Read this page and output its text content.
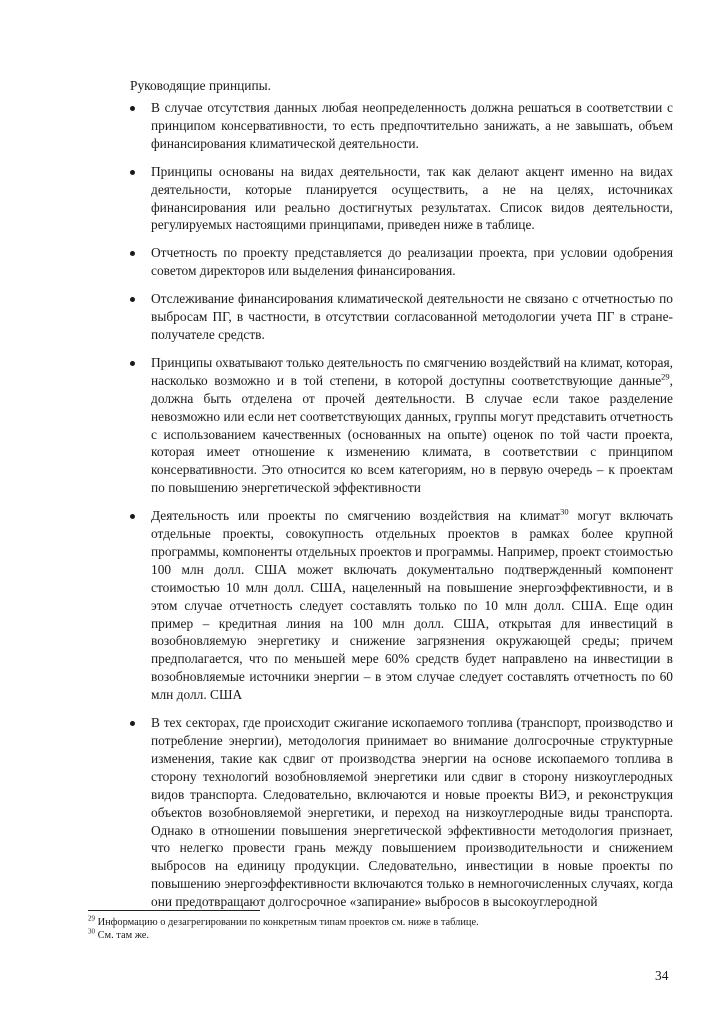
Руководящие принципы.

В случае отсутствия данных любая неопределенность должна решаться в соответствии с принципом консервативности, то есть предпочтительно занижать, а не завышать, объем финансирования климатической деятельности.

Принципы основаны на видах деятельности, так как делают акцент именно на видах деятельности, которые планируется осуществить, а не на целях, источниках финансирования или реально достигнутых результатах. Список видов деятельности, регулируемых настоящими принципами, приведен ниже в таблице.

Отчетность по проекту представляется до реализации проекта, при условии одобрения советом директоров или выделения финансирования.

Отслеживание финансирования климатической деятельности не связано с отчетностью по выбросам ПГ, в частности, в отсутствии согласованной методологии учета ПГ в стране-получателе средств.

Принципы охватывают только деятельность по смягчению воздействий на климат, которая, насколько возможно и в той степени, в которой доступны соответствующие данные$^{29}$, должна быть отделена от прочей деятельности. В случае если такое разделение невозможно или если нет соответствующих данных, группы могут представить отчетность с использованием качественных (основанных на опыте) оценок по той части проекта, которая имеет отношение к изменению климата, в соответствии с принципом консервативности. Это относится ко всем категориям, но в первую очередь – к проектам по повышению энергетической эффективности

Деятельность или проекты по смягчению воздействия на климат$^{30}$ могут включать отдельные проекты, совокупность отдельных проектов в рамках более крупной программы, компоненты отдельных проектов и программы. Например, проект стоимостью 100 млн долл. США может включать документально подтвержденный компонент стоимостью 10 млн долл. США, нацеленный на повышение энергоэффективности, и в этом случае отчетность следует составлять только по 10 млн долл. США. Еще один пример – кредитная линия на 100 млн долл. США, открытая для инвестиций в возобновляемую энергетику и снижение загрязнения окружающей среды; причем предполагается, что по меньшей мере 60% средств будет направлено на инвестиции в возобновляемые источники энергии – в этом случае следует составлять отчетность по 60 млн долл. США

В тех секторах, где происходит сжигание ископаемого топлива (транспорт, производство и потребление энергии), методология принимает во внимание долгосрочные структурные изменения, такие как сдвиг от производства энергии на основе ископаемого топлива в сторону технологий возобновляемой энергетики или сдвиг в сторону низкоуглеродных видов транспорта. Следовательно, включаются и новые проекты ВИЭ, и реконструкция объектов возобновляемой энергетики, и переход на низкоуглеродные виды транспорта. Однако в отношении повышения энергетической эффективности методология признает, что нелегко провести грань между повышением производительности и снижением выбросов на единицу продукции. Следовательно, инвестиции в новые проекты по повышению энергоэффективности включаются только в немногочисленных случаях, когда они предотвращают долгосрочное «запирание» выбросов в высокоуглеродной

$^{29}$ Информацию о дезагрегировании по конкретным типам проектов см. ниже в таблице.

$^{30}$ См. там же.

34
